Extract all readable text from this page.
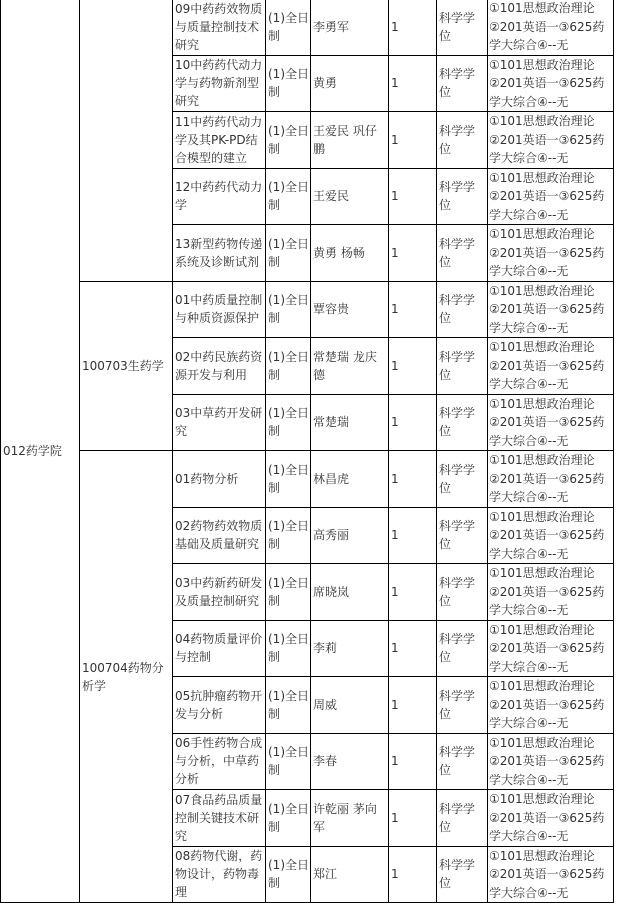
012药学院		09中药药效物质与质量控制技术研究	(1)全日制	李勇军	1	科学学位	①101思想政治理论
②201英语一③625药
学大综合④--无

		10中药药代动力学与药物新剂型研究	(1)全日制	黄勇	1	科学学位	①101思想政治理论
②201英语一③625药
学大综合④--无

		11中药药代动力学及其PK-PD结合模型的建立	(1)全日制	王爱民 巩仔鹏	1	科学学位	①101思想政治理论
②201英语一③625药
学大综合④--无

		12中药药代动力学	(1)全日制	王爱民	1	科学学位	①101思想政治理论
②201英语一③625药
学大综合④--无

		13新型药物传递系统及诊断试剂	(1)全日制	黄勇 杨畅	1	科学学位	①101思想政治理论
②201英语一③625药
学大综合④--无

	100703生药学	01中药质量控制与种质资源保护	(1)全日制	覃容贵	1	科学学位	①101思想政治理论
②201英语一③625药
学大综合④--无

		02中药民族药资源开发与利用	(1)全日制	常楚瑞 龙庆德	1	科学学位	①101思想政治理论
②201英语一③625药
学大综合④--无

		03中草药开发研究	(1)全日制	常楚瑞	1	科学学位	①101思想政治理论
②201英语一③625药
学大综合④--无

	100704药物分析学	01药物分析	(1)全日制	林昌虎	1	科学学位	①101思想政治理论
②201英语一③625药
学大综合④--无

		02药物药效物质基础及质量研究	(1)全日制	高秀丽	1	科学学位	①101思想政治理论
②201英语一③625药
学大综合④--无

		03中药新药研发及质量控制研究	(1)全日制	席晓岚	1	科学学位	①101思想政治理论
②201英语一③625药
学大综合④--无

		04药物质量评价与控制	(1)全日制	李莉	1	科学学位	①101思想政治理论
②201英语一③625药
学大综合④--无

		05抗肿瘤药物开发与分析	(1)全日制	周威	1	科学学位	①101思想政治理论
②201英语一③625药
学大综合④--无

		06手性药物合成与分析，中草药分析	(1)全日制	李春	1	科学学位	①101思想政治理论
②201英语一③625药
学大综合④--无

		07食品药品质量控制关键技术研究	(1)全日制	许乾丽 茅向军	1	科学学位	①101思想政治理论
②201英语一③625药
学大综合④--无

		08药物代谢，药物设计，药物毒理	(1)全日制	郑江	1	科学学位	①101思想政治理论
②201英语一③625药
学大综合④--无
